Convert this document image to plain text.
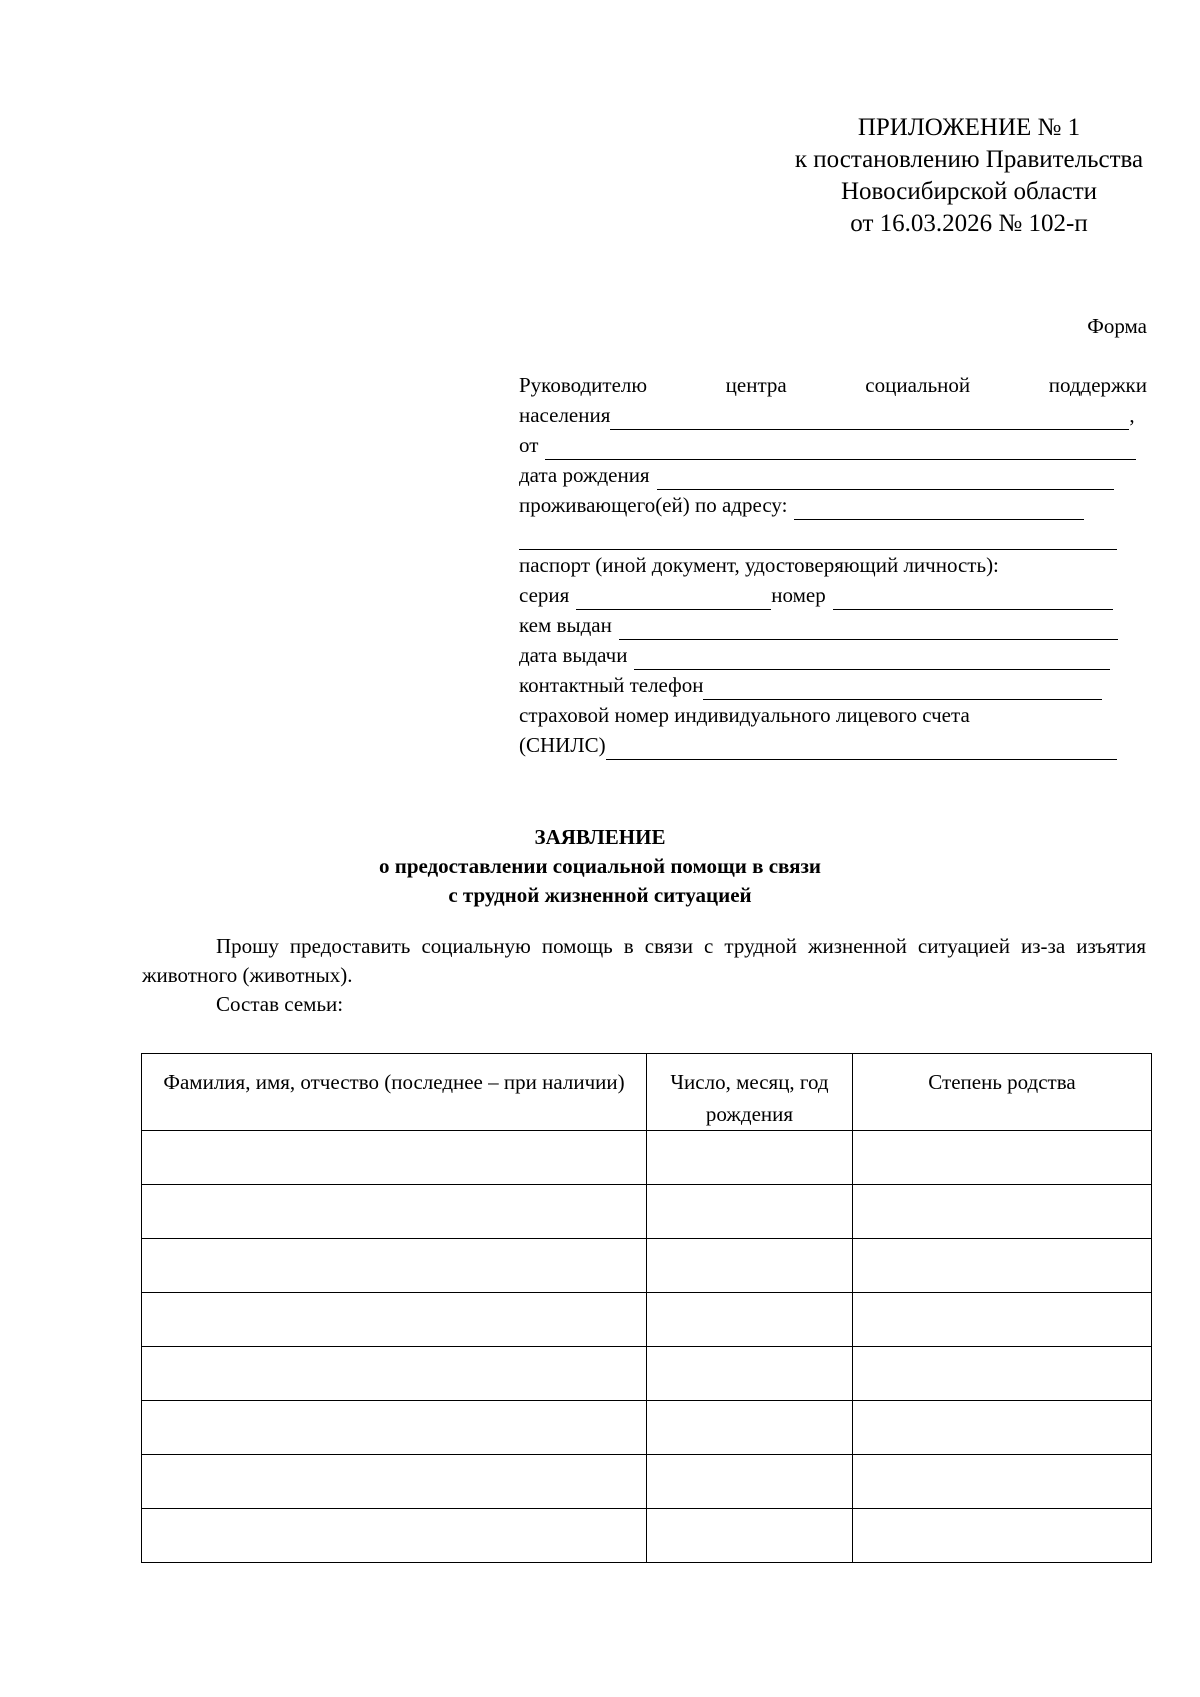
ПРИЛОЖЕНИЕ № 1
к постановлению Правительства
Новосибирской области
от 16.03.2026 № 102-п
Форма
Руководителю	центра	социальной	поддержки
населения	,
от
дата рождения
проживающего(ей) по адресу:
паспорт (иной документ, удостоверяющий личность):
серия	номер
кем выдан
дата выдачи
контактный телефон
страховой номер индивидуального лицевого счета
(СНИЛС)
ЗАЯВЛЕНИЕ
о предоставлении социальной помощи в связи
с трудной жизненной ситуацией

Прошу предоставить социальную помощь в связи с трудной жизненной ситуацией из-за изъятия животного (животных).

Состав семьи:

Фамилия, имя, отчество (последнее – при наличии)	Число, месяц, год рождения	Степень родства
